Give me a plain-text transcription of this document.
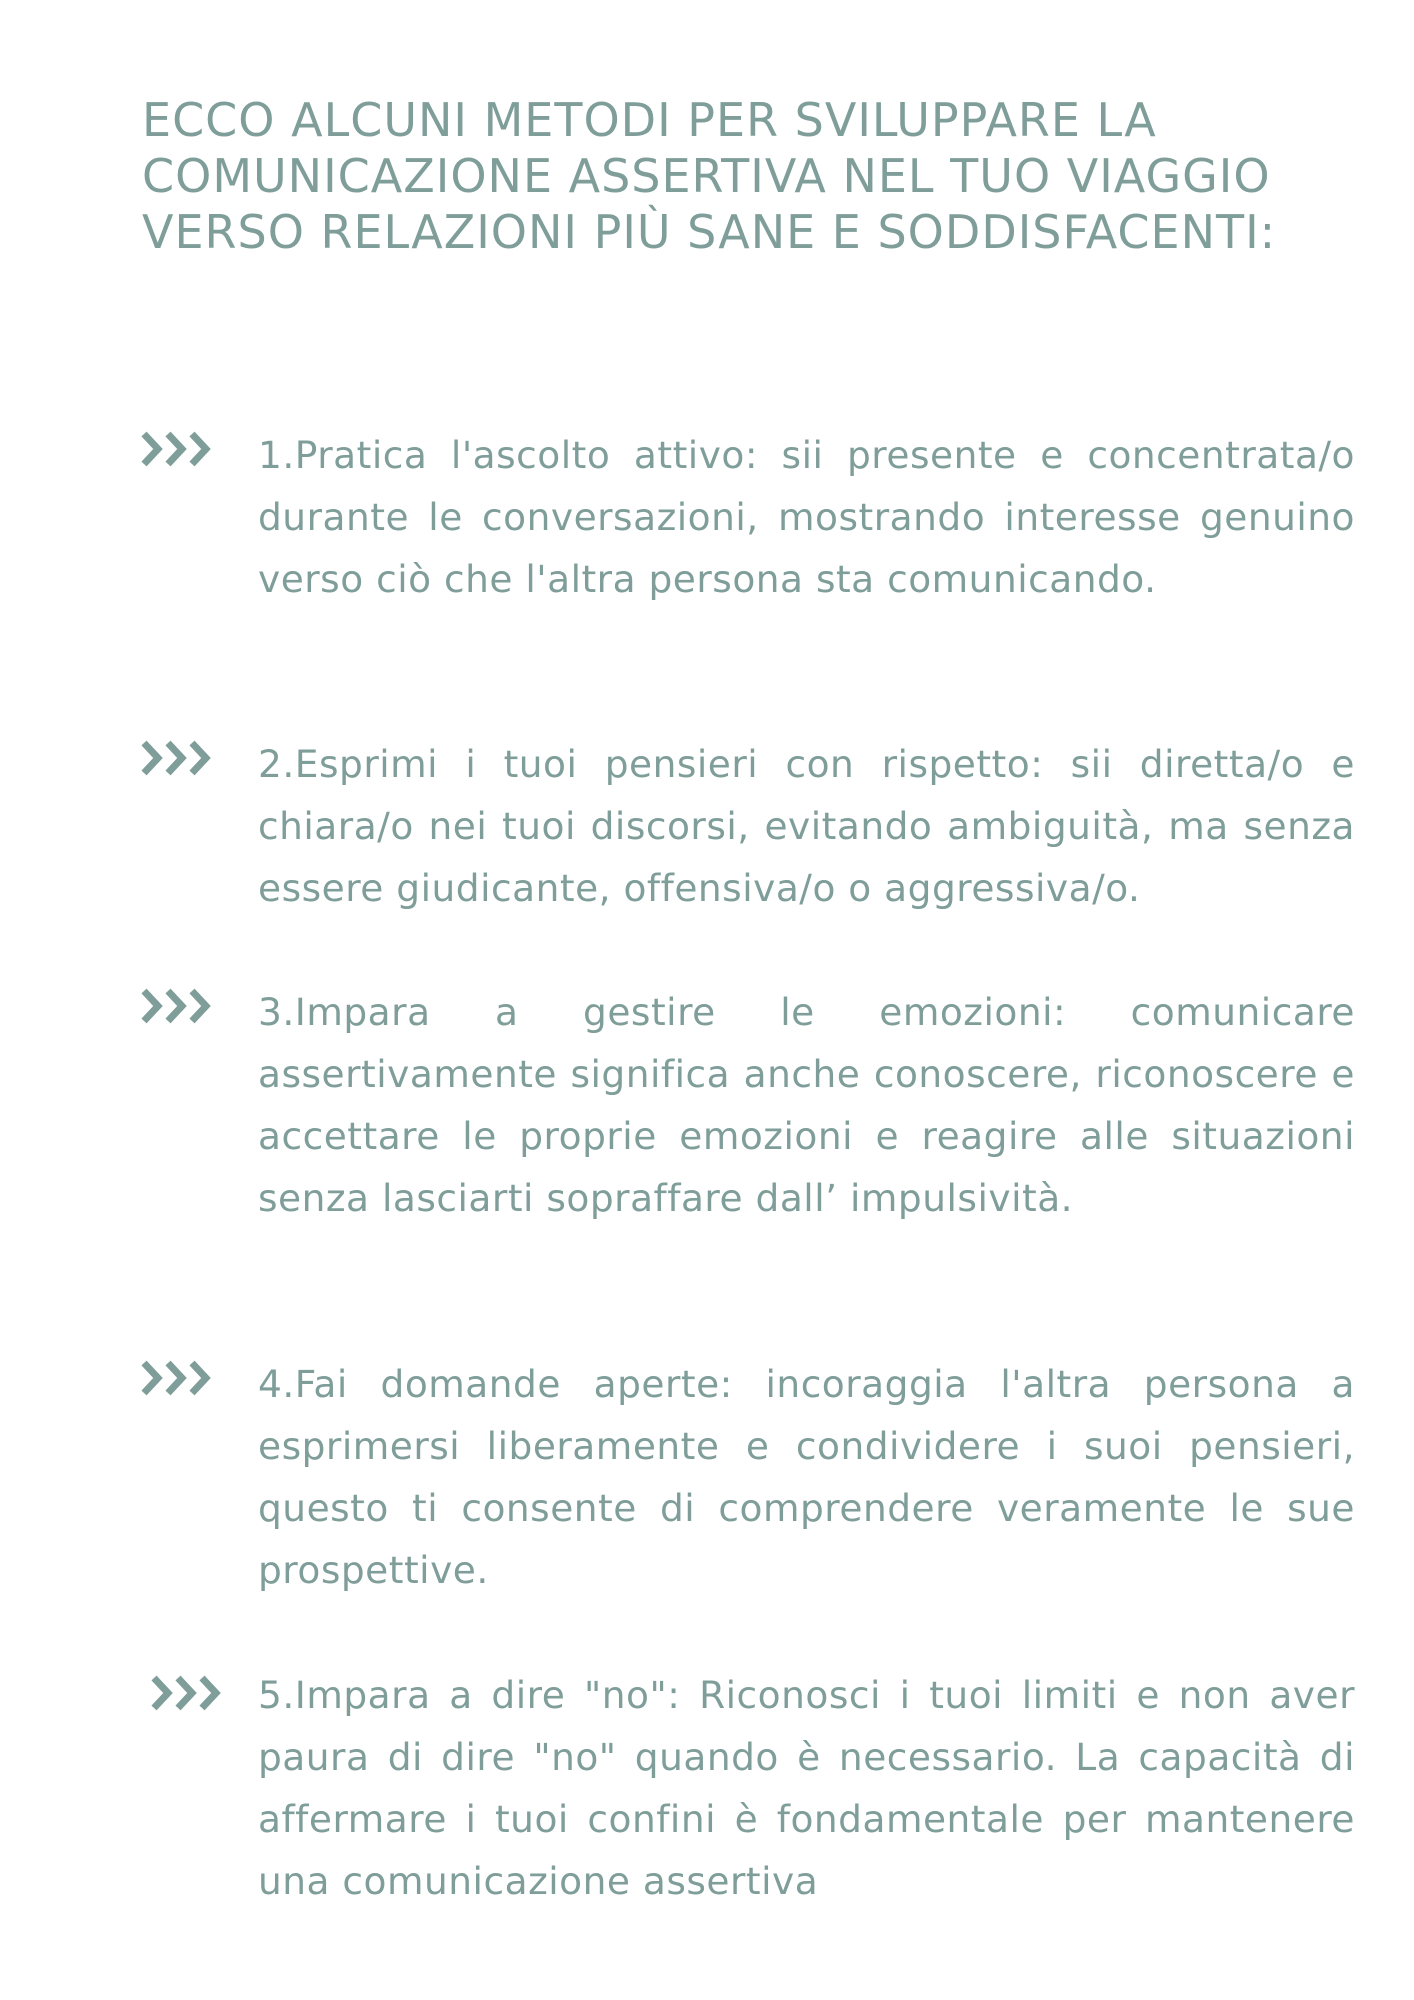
ECCO ALCUNI METODI PER SVILUPPARE LA COMUNICAZIONE ASSERTIVA NEL TUO VIAGGIO VERSO RELAZIONI PIÙ SANE E SODDISFACENTI:

1.Pratica l'ascolto attivo: sii presente e concentrata/o durante le conversazioni, mostrando interesse genuino verso ciò che l'altra persona sta comunicando.

2.Esprimi i tuoi pensieri con rispetto: sii diretta/o e chiara/o nei tuoi discorsi, evitando ambiguità, ma senza essere giudicante, offensiva/o o aggressiva/o.

3.Impara a gestire le emozioni: comunicare assertivamente significa anche conoscere, riconoscere e accettare le proprie emozioni e reagire alle situazioni senza lasciarti sopraffare dall’ impulsività.

4.Fai domande aperte: incoraggia l'altra persona a esprimersi liberamente e condividere i suoi pensieri, questo ti consente di comprendere veramente le sue prospettive.

5.Impara a dire "no": Riconosci i tuoi limiti e non aver paura di dire "no" quando è necessario. La capacità di affermare i tuoi confini è fondamentale per mantenere una comunicazione assertiva
